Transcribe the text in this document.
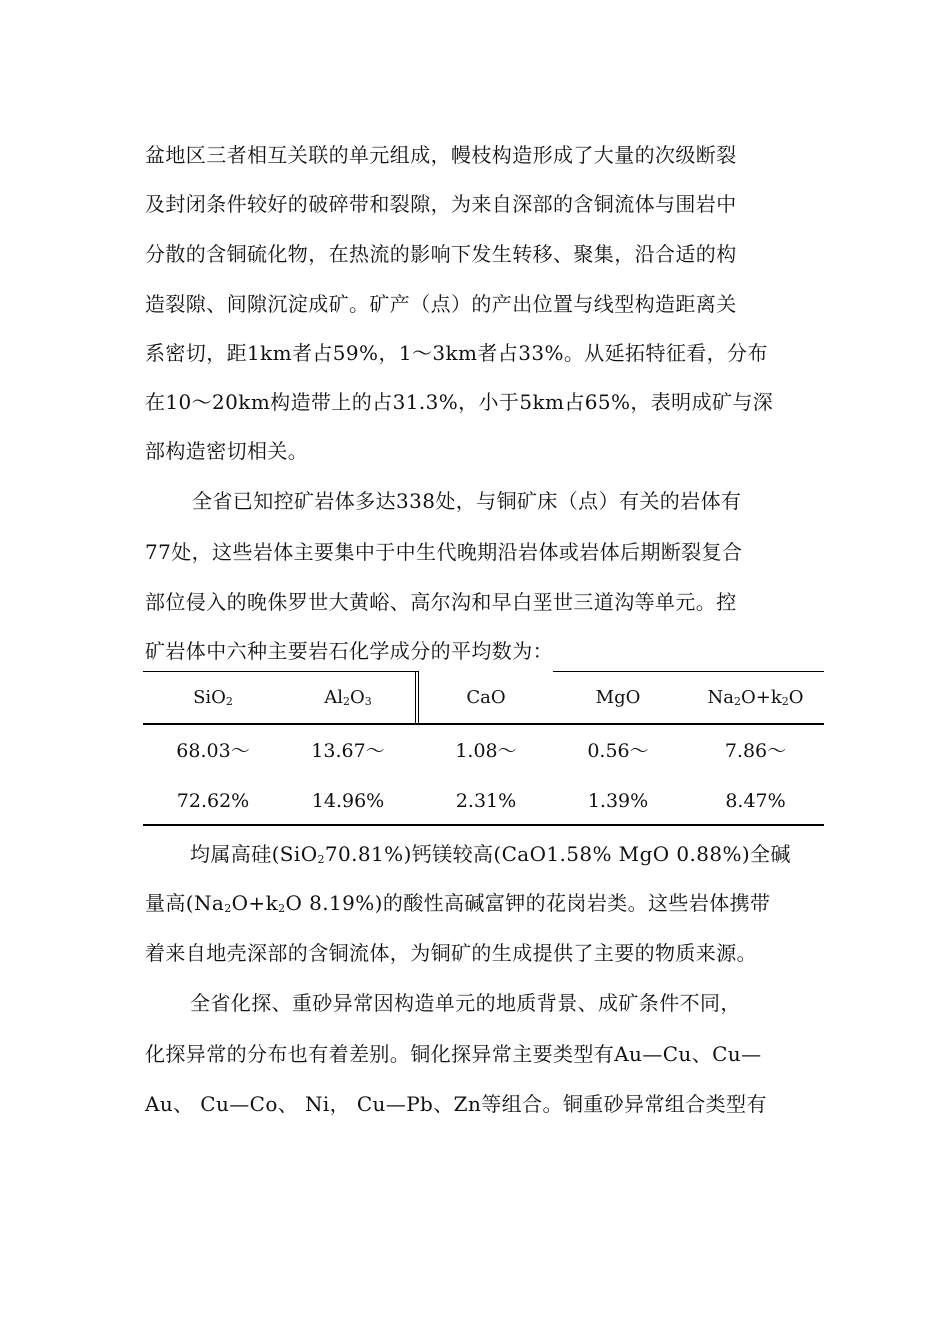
盆地区三者相互关联的单元组成，幔枝构造形成了大量的次级断裂
及封闭条件较好的破碎带和裂隙，为来自深部的含铜流体与围岩中
分散的含铜硫化物，在热流的影响下发生转移、聚集，沿合适的构
造裂隙、间隙沉淀成矿。矿产（点）的产出位置与线型构造距离关
系密切，距1km者占59%，1～3km者占33%。从延拓特征看，分布
在10～20km构造带上的占31.3%，小于5km占65%，表明成矿与深
部构造密切相关。
全省已知控矿岩体多达338处，与铜矿床（点）有关的岩体有
77处，这些岩体主要集中于中生代晚期沿岩体或岩体后期断裂复合
部位侵入的晚侏罗世大黄峪、高尔沟和早白垩世三道沟等单元。控
矿岩体中六种主要岩石化学成分的平均数为：
SiO$_2$	$Al_2O_3$	CaO	MgO	$Na_2O+k_2O$
68.03～	13.67～	1.08～	0.56～	7.86～
72.62%	14.96%	2.31%	1.39%	8.47%
均属高硅(SiO$_2$70.81%)钙镁较高(CaO1.58% MgO 0.88%)全碱
量高($Na_2O+k_2O$ 8.19%)的酸性高碱富钾的花岗岩类。这些岩体携带
着来自地壳深部的含铜流体，为铜矿的生成提供了主要的物质来源。
全省化探、重砂异常因构造单元的地质背景、成矿条件不同，
化探异常的分布也有着差别。铜化探异常主要类型有Au—Cu、Cu—
Au、 Cu—Co、 Ni， Cu—Pb、Zn等组合。铜重砂异常组合类型有
